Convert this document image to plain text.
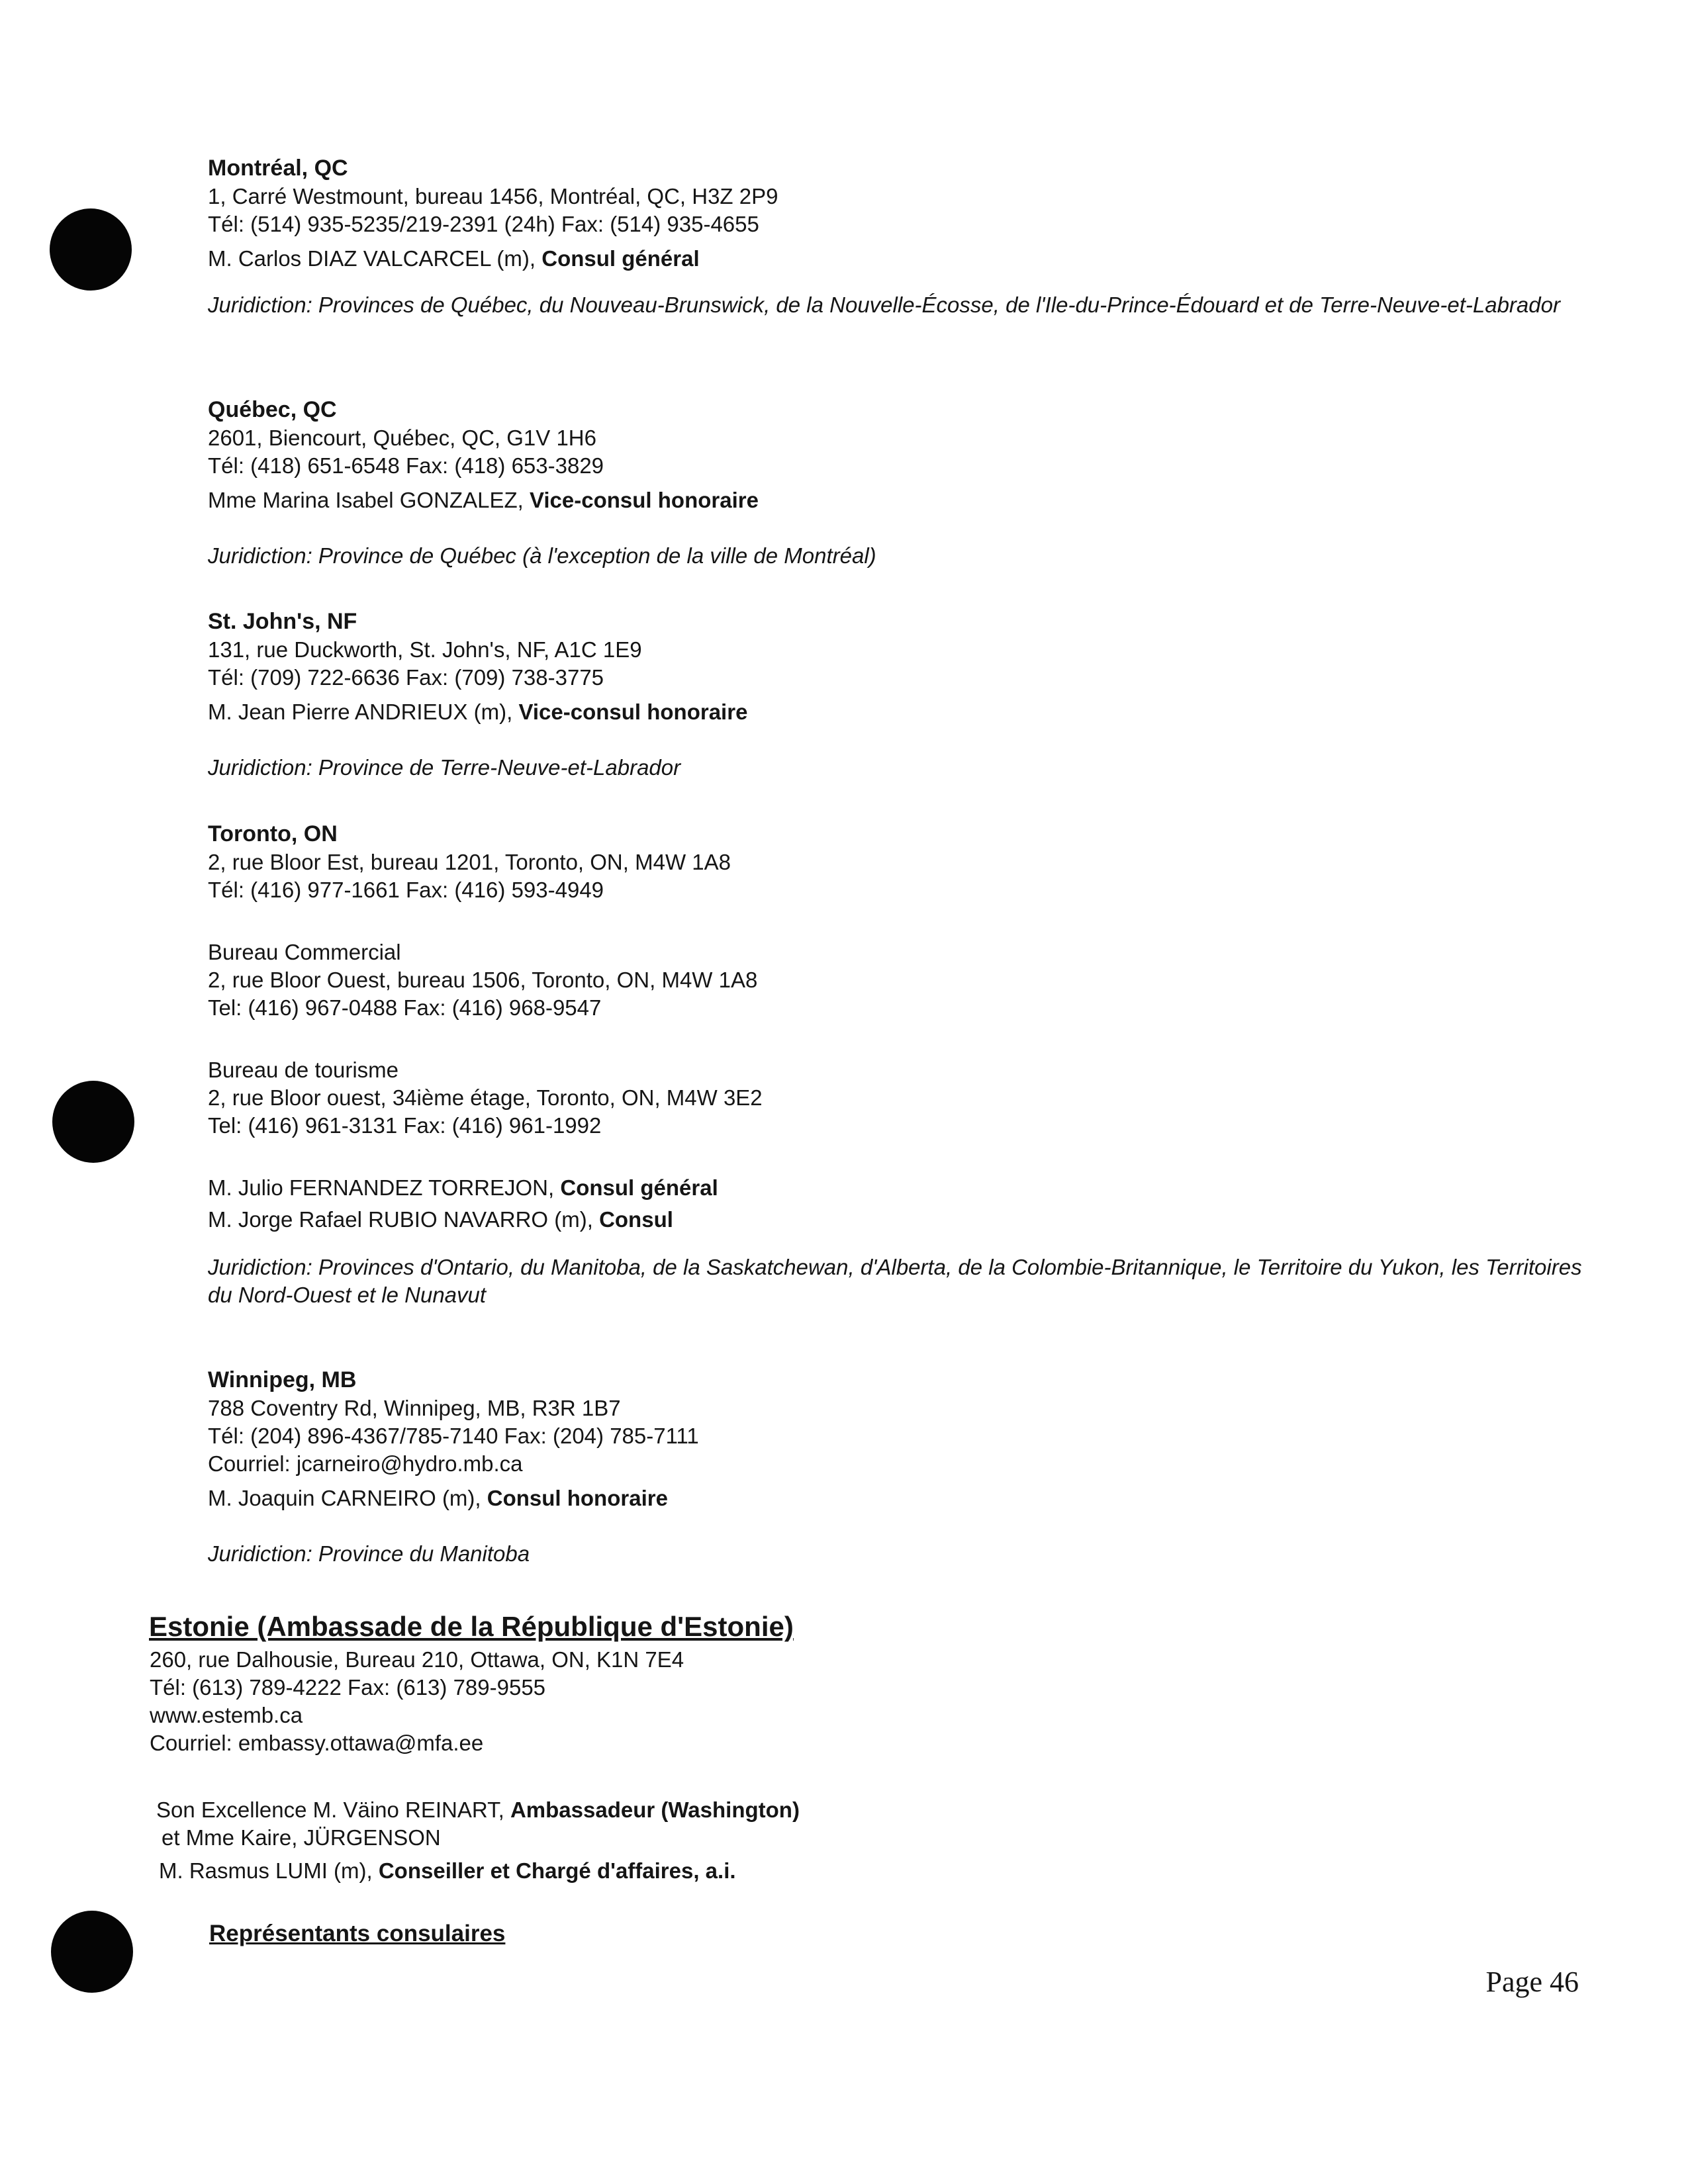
Montréal, QC
1, Carré Westmount, bureau 1456, Montréal, QC, H3Z 2P9
Tél: (514) 935-5235/219-2391 (24h) Fax: (514) 935-4655
M. Carlos DIAZ VALCARCEL (m), Consul général
Juridiction: Provinces de Québec, du Nouveau-Brunswick, de la Nouvelle-Écosse, de l'Ile-du-Prince-Édouard et de Terre-Neuve-et-Labrador
Québec, QC
2601, Biencourt, Québec, QC, G1V 1H6
Tél: (418) 651-6548 Fax: (418) 653-3829
Mme Marina Isabel GONZALEZ, Vice-consul honoraire
Juridiction: Province de Québec (à l'exception de la ville de Montréal)
St. John's, NF
131, rue Duckworth, St. John's, NF, A1C 1E9
Tél: (709) 722-6636 Fax: (709) 738-3775
M. Jean Pierre ANDRIEUX (m), Vice-consul honoraire
Juridiction: Province de Terre-Neuve-et-Labrador
Toronto, ON
2, rue Bloor Est, bureau 1201, Toronto, ON, M4W 1A8
Tél: (416) 977-1661 Fax: (416) 593-4949
Bureau Commercial
2, rue Bloor Ouest, bureau 1506, Toronto, ON, M4W 1A8
Tel: (416) 967-0488 Fax: (416) 968-9547
Bureau de tourisme
2, rue Bloor ouest, 34ième étage, Toronto, ON, M4W 3E2
Tel: (416) 961-3131 Fax: (416) 961-1992
M. Julio FERNANDEZ TORREJON, Consul général
M. Jorge Rafael RUBIO NAVARRO (m), Consul
Juridiction: Provinces d'Ontario, du Manitoba, de la Saskatchewan, d'Alberta, de la Colombie-Britannique, le Territoire du Yukon, les Territoires du Nord-Ouest et le Nunavut
Winnipeg, MB
788 Coventry Rd, Winnipeg, MB, R3R 1B7
Tél: (204) 896-4367/785-7140 Fax: (204) 785-7111
Courriel: jcarneiro@hydro.mb.ca
M. Joaquin CARNEIRO (m), Consul honoraire
Juridiction: Province du Manitoba
Estonie (Ambassade de la République d'Estonie)
260, rue Dalhousie, Bureau 210, Ottawa, ON, K1N 7E4
Tél: (613) 789-4222 Fax: (613) 789-9555
www.estemb.ca
Courriel: embassy.ottawa@mfa.ee
Son Excellence M. Väino REINART, Ambassadeur (Washington)
et Mme Kaire, JÜRGENSON
M. Rasmus LUMI (m), Conseiller et Chargé d'affaires, a.i.
Représentants consulaires
Page 46
